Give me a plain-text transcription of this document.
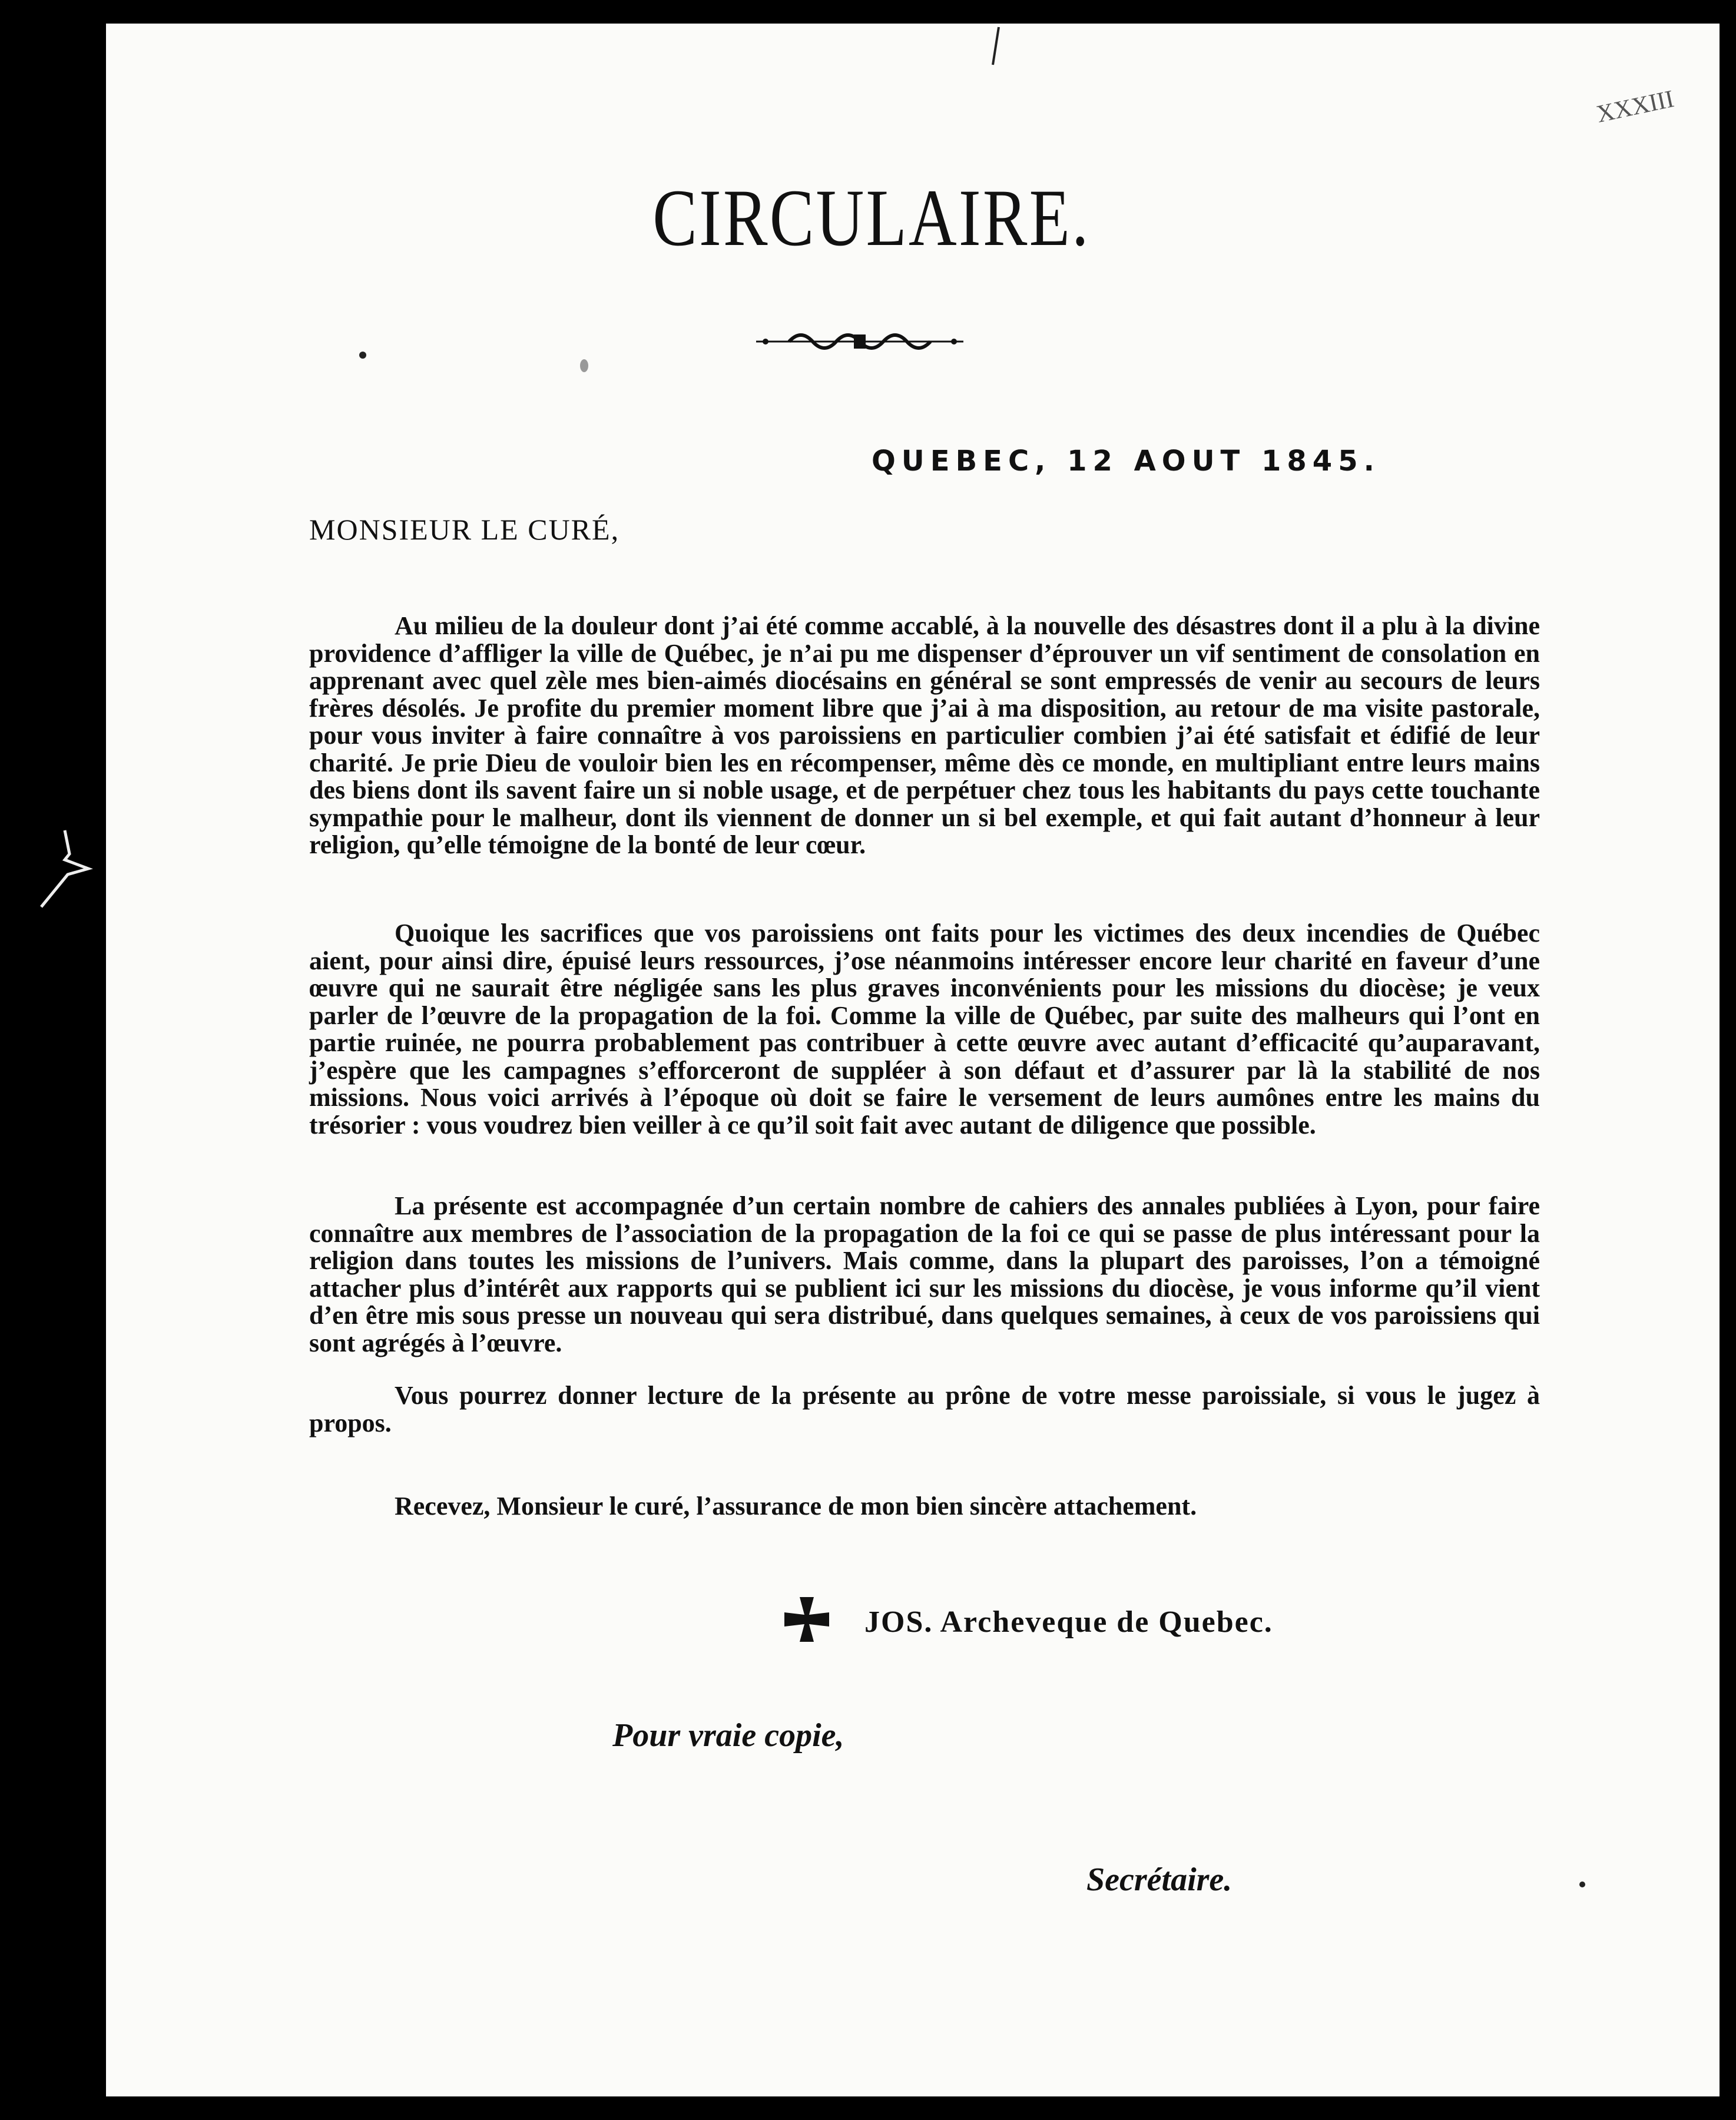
XXXIII
CIRCULAIRE.
QUEBEC, 12 AOUT 1845.
MONSIEUR LE CURÉ,
Au milieu de la douleur dont j’ai été comme accablé, à la nouvelle des désastres dont il a plu à la divine providence d’affliger la ville de Québec, je n’ai pu me dispenser d’éprouver un vif sentiment de consolation en apprenant avec quel zèle mes bien-aimés diocésains en général se sont empressés de venir au secours de leurs frères désolés. Je profite du premier moment libre que j’ai à ma disposition, au retour de ma visite pastorale, pour vous inviter à faire connaître à vos paroissiens en particulier combien j’ai été satisfait et édifié de leur charité. Je prie Dieu de vouloir bien les en récompenser, même dès ce monde, en multipliant entre leurs mains des biens dont ils savent faire un si noble usage, et de perpétuer chez tous les habitants du pays cette touchante sympathie pour le malheur, dont ils viennent de donner un si bel exemple, et qui fait autant d’honneur à leur religion, qu’elle témoigne de la bonté de leur cœur.
Quoique les sacrifices que vos paroissiens ont faits pour les victimes des deux incendies de Québec aient, pour ainsi dire, épuisé leurs ressources, j’ose néanmoins intéresser encore leur charité en faveur d’une œuvre qui ne saurait être négligée sans les plus graves inconvénients pour les missions du diocèse; je veux parler de l’œuvre de la propagation de la foi. Comme la ville de Québec, par suite des malheurs qui l’ont en partie ruinée, ne pourra probablement pas contribuer à cette œuvre avec autant d’efficacité qu’auparavant, j’espère que les campagnes s’efforceront de suppléer à son défaut et d’assurer par là la stabilité de nos missions. Nous voici arrivés à l’époque où doit se faire le versement de leurs aumônes entre les mains du trésorier : vous voudrez bien veiller à ce qu’il soit fait avec autant de diligence que possible.
La présente est accompagnée d’un certain nombre de cahiers des annales publiées à Lyon, pour faire connaître aux membres de l’association de la propagation de la foi ce qui se passe de plus intéressant pour la religion dans toutes les missions de l’univers. Mais comme, dans la plupart des paroisses, l’on a témoigné attacher plus d’intérêt aux rapports qui se publient ici sur les missions du diocèse, je vous informe qu’il vient d’en être mis sous presse un nouveau qui sera distribué, dans quelques semaines, à ceux de vos paroissiens qui sont agrégés à l’œuvre.
Vous pourrez donner lecture de la présente au prône de votre messe paroissiale, si vous le jugez à propos.
Recevez, Monsieur le curé, l’assurance de mon bien sincère attachement.
JOS. Archeveque de Quebec.
Pour vraie copie,
Secrétaire.
